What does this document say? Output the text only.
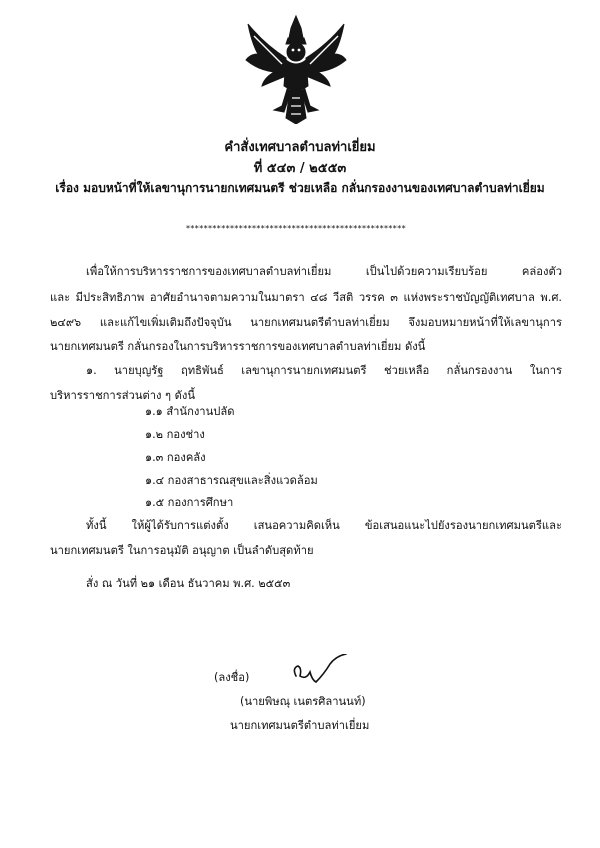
คำสั่งเทศบาลตำบลท่าเยี่ยม
ที่ ๕๔๓ / ๒๕๕๓
เรื่อง มอบหน้าที่ให้เลขานุการนายกเทศมนตรี ช่วยเหลือ กลั่นกรองงานของเทศบาลตำบลท่าเยี่ยม
**************************************************
เพื่อให้การบริหารราชการของเทศบาลตำบลท่าเยี่ยม เป็นไปด้วยความเรียบร้อย คล่องตัว
และ มีประสิทธิภาพ อาศัยอำนาจตามความในมาตรา ๔๘ วีสติ วรรค ๓ แห่งพระราชบัญญัติเทศบาล พ.ศ.
๒๔๙๖ และแก้ไขเพิ่มเติมถึงปัจจุบัน นายกเทศมนตรีตำบลท่าเยี่ยม จึงมอบหมายหน้าที่ให้เลขานุการ
นายกเทศมนตรี กลั่นกรองในการบริหารราชการของเทศบาลตำบลท่าเยี่ยม ดังนี้
๑. นายบุญรัฐ ฤทธิพันธ์ เลขานุการนายกเทศมนตรี ช่วยเหลือ กลั่นกรองงาน ในการ
บริหารราชการส่วนต่าง ๆ ดังนี้
๑.๑ สำนักงานปลัด
๑.๒ กองช่าง
๑.๓ กองคลัง
๑.๔ กองสาธารณสุขและสิ่งแวดล้อม
๑.๕ กองการศึกษา
ทั้งนี้ ให้ผู้ได้รับการแต่งตั้ง เสนอความคิดเห็น ข้อเสนอแนะไปยังรองนายกเทศมนตรีและ
นายกเทศมนตรี ในการอนุมัติ อนุญาต เป็นลำดับสุดท้าย
สั่ง ณ วันที่ ๒๑ เดือน ธันวาคม พ.ศ. ๒๕๕๓
(ลงชื่อ)
(นายพิษณุ เนตรศิลานนท์)
นายกเทศมนตรีตำบลท่าเยี่ยม
